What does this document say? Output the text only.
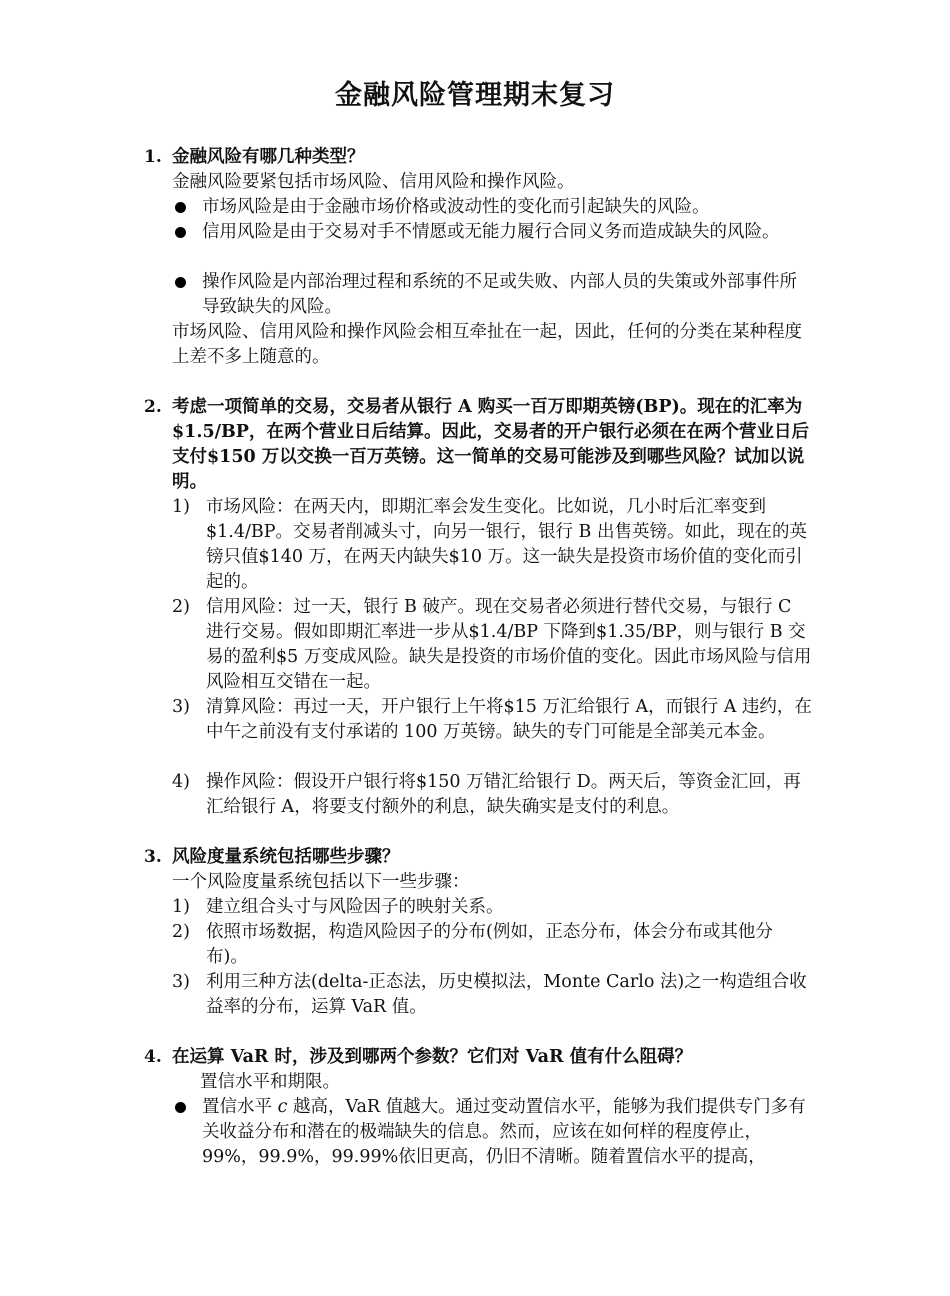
金融风险管理期末复习
1. 金融风险有哪几种类型？
金融风险要紧包括市场风险、信用风险和操作风险。
市场风险是由于金融市场价格或波动性的变化而引起缺失的风险。
信用风险是由于交易对手不情愿或无能力履行合同义务而造成缺失的风险。
操作风险是内部治理过程和系统的不足或失败、内部人员的失策或外部事件所导致缺失的风险。
市场风险、信用风险和操作风险会相互牵扯在一起，因此，任何的分类在某种程度上差不多上随意的。
2. 考虑一项简单的交易，交易者从银行 A 购买一百万即期英镑(BP)。现在的汇率为$1.5/BP，在两个营业日后结算。因此，交易者的开户银行必须在在两个营业日后支付$150 万以交换一百万英镑。这一简单的交易可能涉及到哪些风险？试加以说明。
1) 市场风险：在两天内，即期汇率会发生变化。比如说，几小时后汇率变到$1.4/BP。交易者削减头寸，向另一银行，银行 B 出售英镑。如此，现在的英镑只值$140 万，在两天内缺失$10 万。这一缺失是投资市场价值的变化而引起的。
2) 信用风险：过一天，银行 B 破产。现在交易者必须进行替代交易，与银行 C 进行交易。假如即期汇率进一步从$1.4/BP 下降到$1.35/BP，则与银行 B 交易的盈利$5 万变成风险。缺失是投资的市场价值的变化。因此市场风险与信用风险相互交错在一起。
3) 清算风险：再过一天，开户银行上午将$15 万汇给银行 A，而银行 A 违约，在中午之前没有支付承诺的 100 万英镑。缺失的专门可能是全部美元本金。
4) 操作风险：假设开户银行将$150 万错汇给银行 D。两天后，等资金汇回，再汇给银行 A，将要支付额外的利息，缺失确实是支付的利息。
3. 风险度量系统包括哪些步骤？
一个风险度量系统包括以下一些步骤：
1) 建立组合头寸与风险因子的映射关系。
2) 依照市场数据，构造风险因子的分布(例如，正态分布，体会分布或其他分布)。
3) 利用三种方法(delta-正态法，历史模拟法，Monte Carlo 法)之一构造组合收益率的分布，运算 VaR 值。
4. 在运算 VaR 时，涉及到哪两个参数？它们对 VaR 值有什么阻碍？
置信水平和期限。
置信水平 c 越高，VaR 值越大。通过变动置信水平，能够为我们提供专门多有关收益分布和潜在的极端缺失的信息。然而，应该在如何样的程度停止，99%，99.9%，99.99%依旧更高，仍旧不清晰。随着置信水平的提高，
